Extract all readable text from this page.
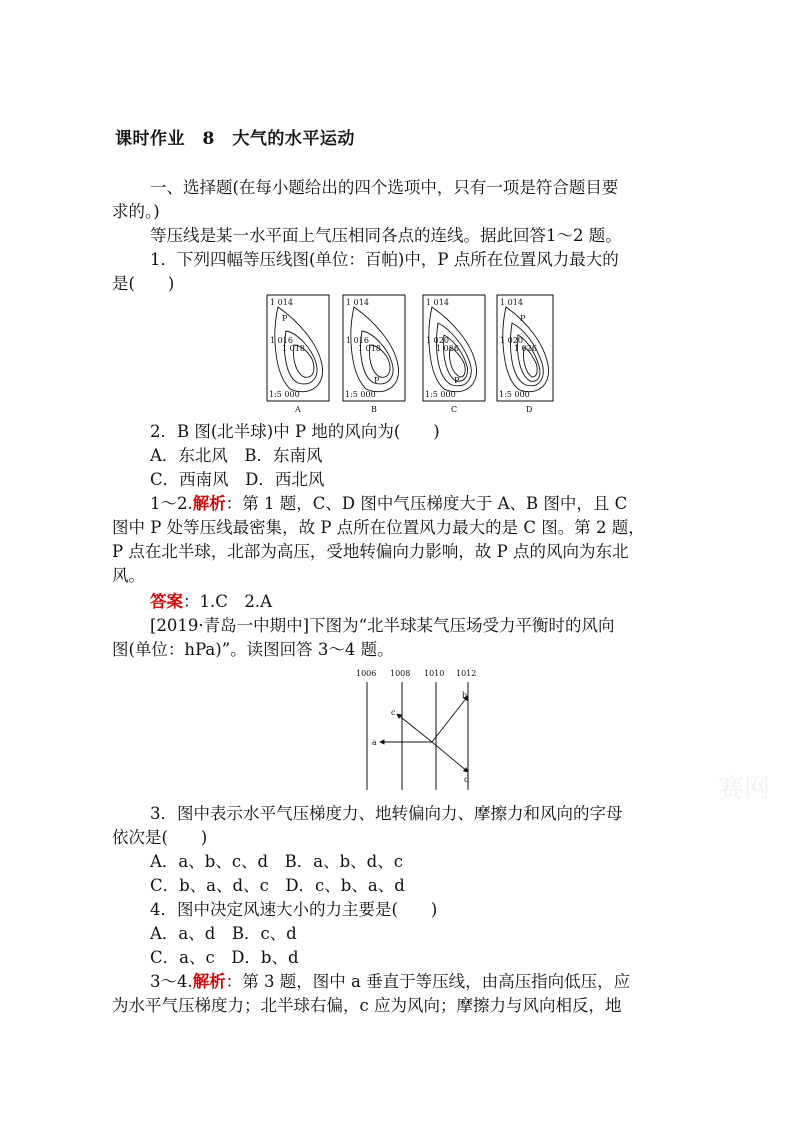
课时作业　8　大气的水平运动
一、选择题(在每小题给出的四个选项中，只有一项是符合题目要
求的。)
等压线是某一水平面上气压相同各点的连线。据此回答1～2 题。
1．下列四幅等压线图(单位：百帕)中，P 点所在位置风力最大的
是(　　)
1 014
P
1 016
1 018
1:5 000
A
1 014
1 016
1 018
P
1:5 000
B
1 014
1 020
1 026
P
1:5 000
C
1 014
P
1 020
1 026
1:5 000
D
2．B 图(北半球)中 P 地的风向为(　　)
A．东北风　B．东南风
C．西南风　D．西北风
1～2.解析：第 1 题，C、D 图中气压梯度大于 A、B 图中，且 C
图中 P 处等压线最密集，故 P 点所在位置风力最大的是 C 图。第 2 题，
P 点在北半球，北部为高压，受地转偏向力影响，故 P 点的风向为东北
风。
答案：1.C　2.A
[2019·青岛一中期中]下图为“北半球某气压场受力平衡时的风向
图(单位：hPa)”。读图回答 3～4 题。
1006 1008 1010 1012
a
b
c
d	赛网
3．图中表示水平气压梯度力、地转偏向力、摩擦力和风向的字母
依次是(　　)
A．a、b、c、d　B．a、b、d、c
C．b、a、d、c　D．c、b、a、d
4．图中决定风速大小的力主要是(　　)
A．a、d　B．c、d
C．a、c　D．b、d
3～4.解析：第 3 题，图中 a 垂直于等压线，由高压指向低压，应
为水平气压梯度力；北半球右偏，c 应为风向；摩擦力与风向相反，地
